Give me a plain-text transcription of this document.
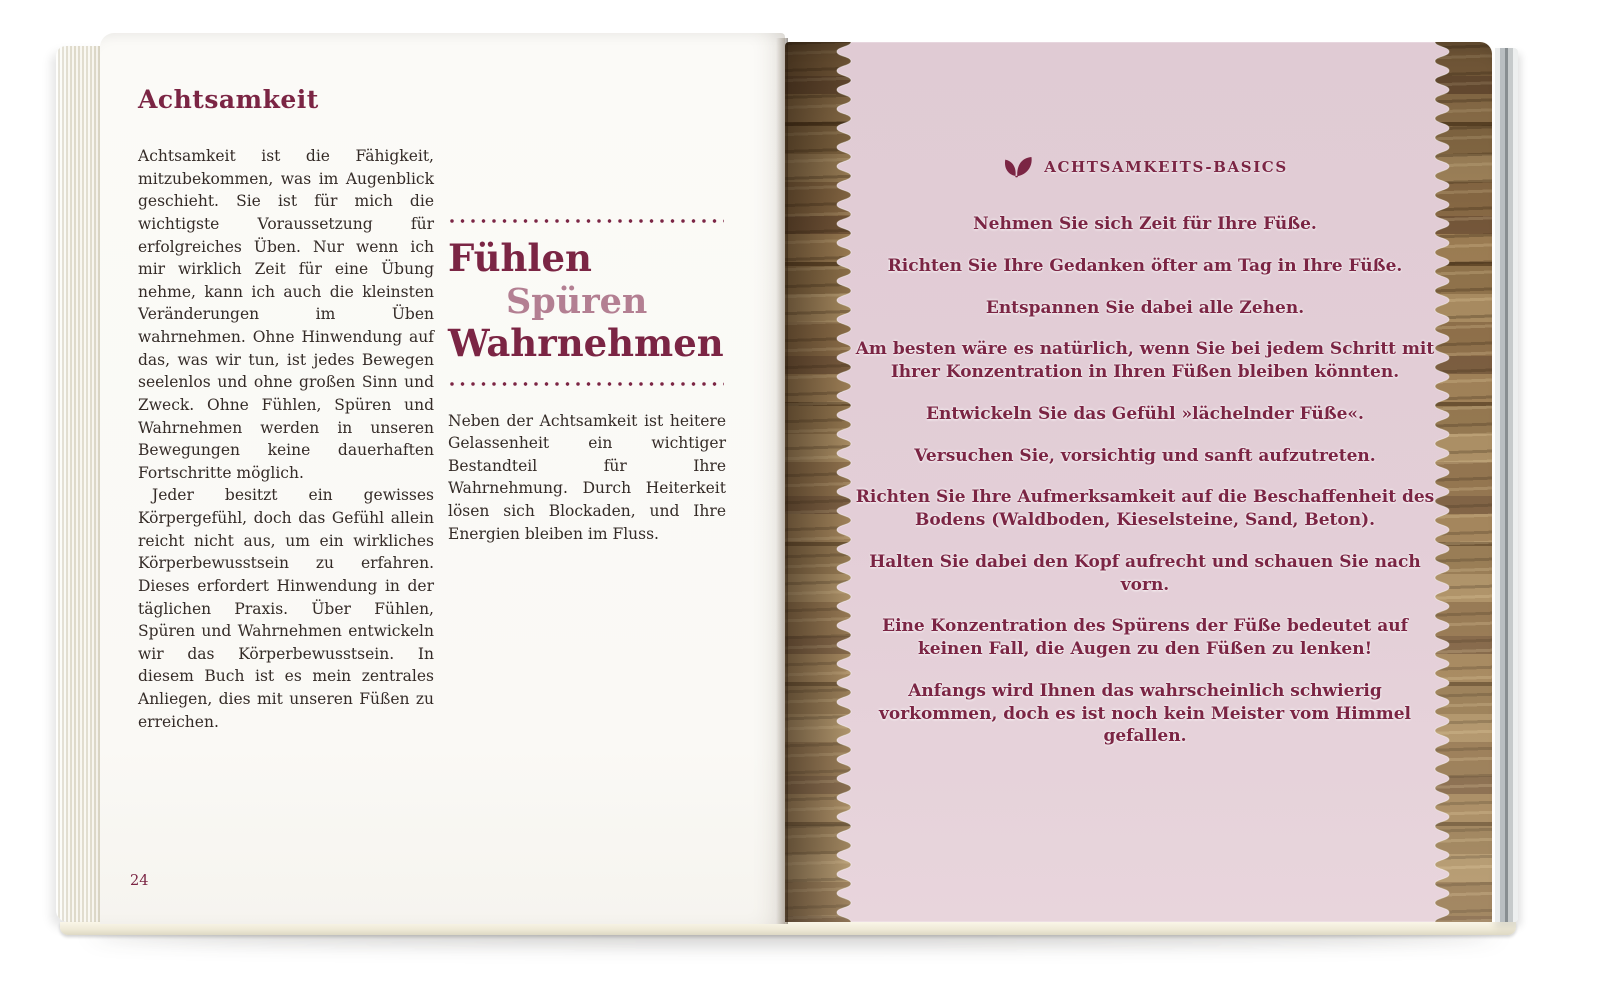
Achtsamkeit

Achtsamkeit ist die Fähigkeit, mitzubekommen, was im Augenblick geschieht. Sie ist für mich die wichtigste Voraussetzung für erfolgreiches Üben. Nur wenn ich mir wirklich Zeit für eine Übung nehme, kann ich auch die kleinsten Veränderungen im Üben wahrnehmen. Ohne Hinwendung auf das, was wir tun, ist jedes Bewegen seelenlos und ohne großen Sinn und Zweck. Ohne Fühlen, Spüren und Wahrnehmen werden in unseren Bewegungen keine dauerhaften Fortschritte möglich.

Jeder besitzt ein gewisses Körpergefühl, doch das Gefühl allein reicht nicht aus, um ein wirkliches Körperbewusstsein zu erfahren. Dieses erfordert Hinwendung in der täglichen Praxis. Über Fühlen, Spüren und Wahrnehmen entwickeln wir das Körperbewusstsein. In diesem Buch ist es mein zentrales Anliegen, dies mit unseren Füßen zu erreichen.

Fühlen
Spüren
Wahrnehmen

Neben der Achtsamkeit ist heitere Gelassenheit ein wichtiger Bestandteil für Ihre Wahrnehmung. Durch Heiterkeit lösen sich Blockaden, und Ihre Energien bleiben im Fluss.

24
ACHTSAMKEITS-BASICS

Nehmen Sie sich Zeit für Ihre Füße.

Richten Sie Ihre Gedanken öfter am Tag in Ihre Füße.

Entspannen Sie dabei alle Zehen.

Am besten wäre es natürlich, wenn Sie bei jedem Schritt mit Ihrer Konzentration in Ihren Füßen bleiben könnten.

Entwickeln Sie das Gefühl »lächelnder Füße«.

Versuchen Sie, vorsichtig und sanft aufzutreten.

Richten Sie Ihre Aufmerksamkeit auf die Beschaffenheit des Bodens (Waldboden, Kieselsteine, Sand, Beton).

Halten Sie dabei den Kopf aufrecht und schauen Sie nach vorn.

Eine Konzentration des Spürens der Füße bedeutet auf keinen Fall, die Augen zu den Füßen zu lenken!

Anfangs wird Ihnen das wahrscheinlich schwierig vorkommen, doch es ist noch kein Meister vom Himmel gefallen.
